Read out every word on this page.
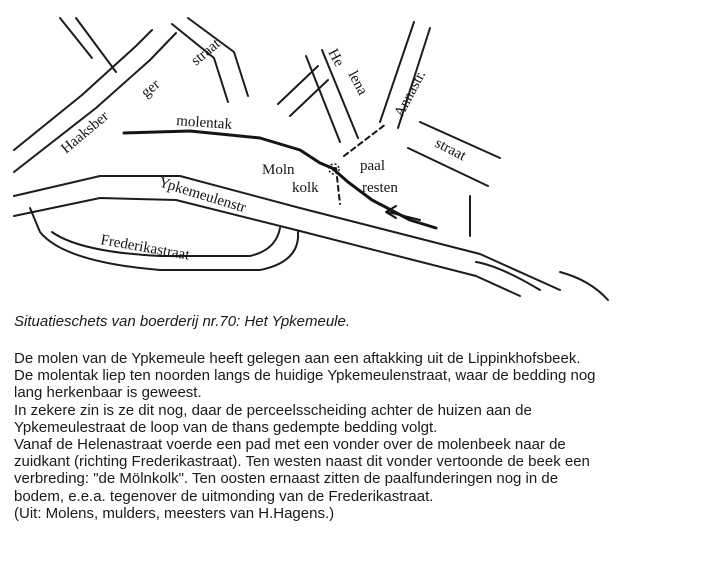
Haaksber
ger
straat	He
lena Annastr.
straat
Ypkemeulenstr
Frederikastraat
molentak
Moln
kolk
paal
resten

Situatieschets van boerderij nr.70: Het Ypkemeule.

De molen van de Ypkemeule heeft gelegen aan een aftakking uit de Lippinkhofsbeek.

De molentak liep ten noorden langs de huidige Ypkemeulenstraat, waar de bedding nog

lang herkenbaar is geweest.

In zekere zin is ze dit nog, daar de perceelsscheiding achter de huizen aan de

Ypkemeulestraat de loop van de thans gedempte bedding volgt.

Vanaf de Helenastraat voerde een pad met een vonder over de molenbeek naar de

zuidkant (richting Frederikastraat). Ten westen naast dit vonder vertoonde de beek een

verbreding: "de Mölnkolk". Ten oosten ernaast zitten de paalfunderingen nog in de

bodem, e.e.a. tegenover de uitmonding van de Frederikastraat.

(Uit: Molens, mulders, meesters van H.Hagens.)
